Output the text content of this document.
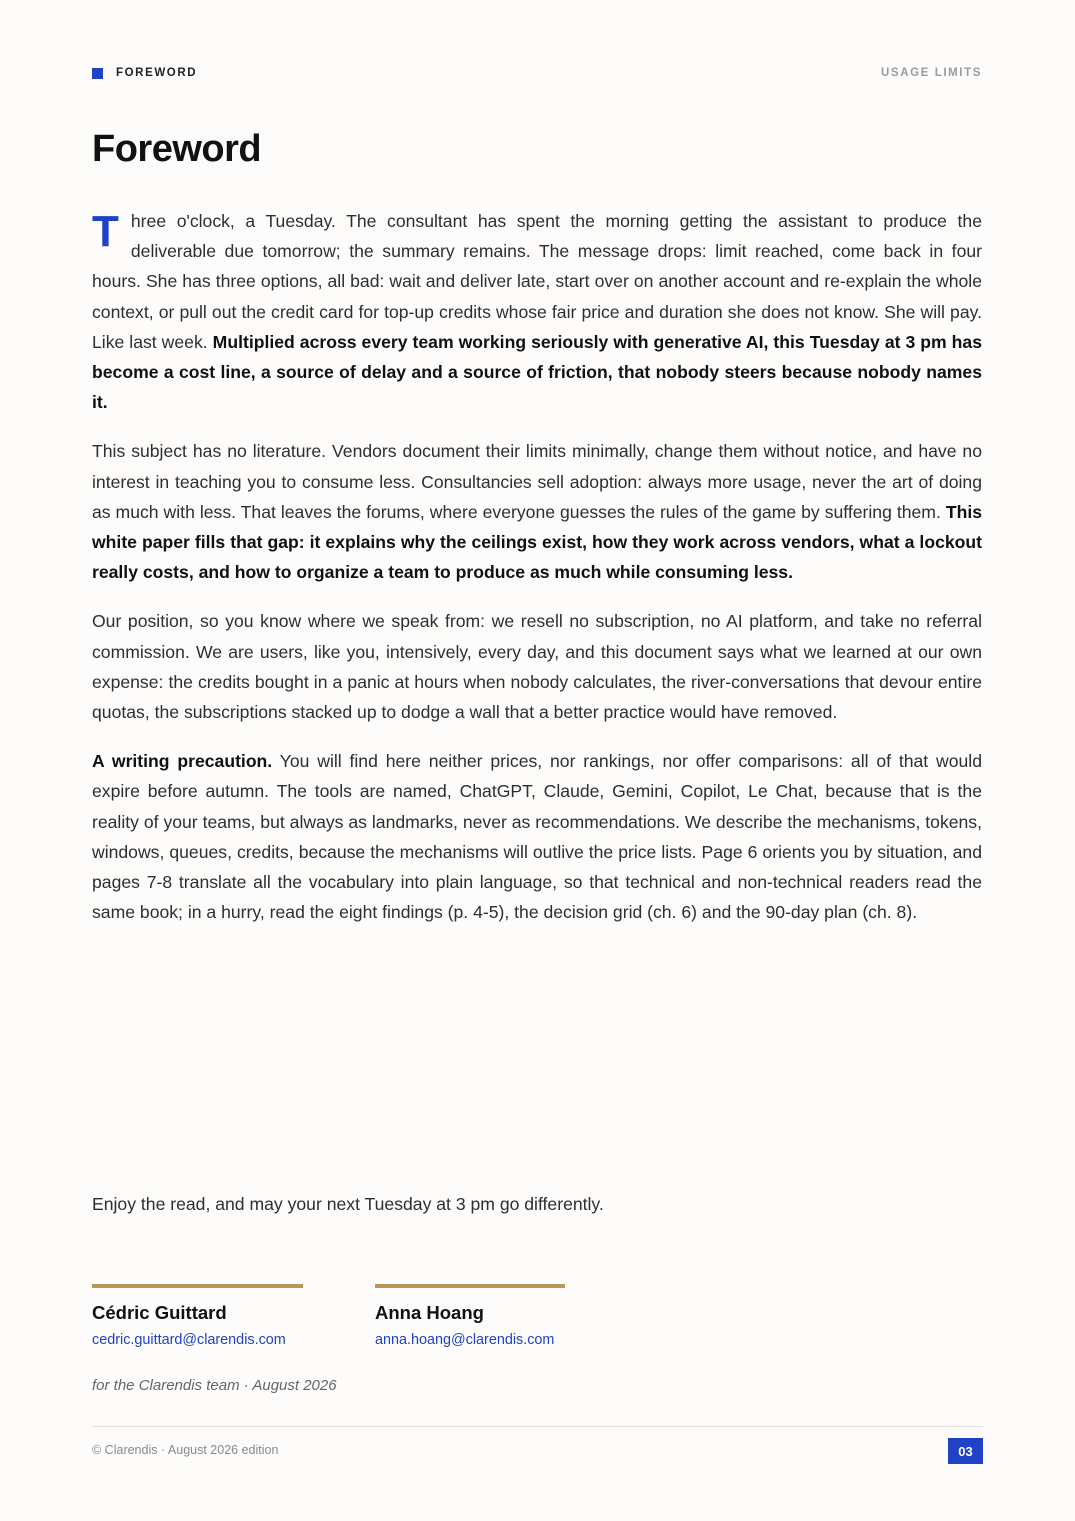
FOREWORD	USAGE LIMITS
Foreword

Three o'clock, a Tuesday. The consultant has spent the morning getting the assistant to produce the deliverable due tomorrow; the summary remains. The message drops: limit reached, come back in four hours. She has three options, all bad: wait and deliver late, start over on another account and re-explain the whole context, or pull out the credit card for top-up credits whose fair price and duration she does not know. She will pay. Like last week. Multiplied across every team working seriously with generative AI, this Tuesday at 3 pm has become a cost line, a source of delay and a source of friction, that nobody steers because nobody names it.

This subject has no literature. Vendors document their limits minimally, change them without notice, and have no interest in teaching you to consume less. Consultancies sell adoption: always more usage, never the art of doing as much with less. That leaves the forums, where everyone guesses the rules of the game by suffering them. This white paper fills that gap: it explains why the ceilings exist, how they work across vendors, what a lockout really costs, and how to organize a team to produce as much while consuming less.

Our position, so you know where we speak from: we resell no subscription, no AI platform, and take no referral commission. We are users, like you, intensively, every day, and this document says what we learned at our own expense: the credits bought in a panic at hours when nobody calculates, the river-conversations that devour entire quotas, the subscriptions stacked up to dodge a wall that a better practice would have removed.

A writing precaution. You will find here neither prices, nor rankings, nor offer comparisons: all of that would expire before autumn. The tools are named, ChatGPT, Claude, Gemini, Copilot, Le Chat, because that is the reality of your teams, but always as landmarks, never as recommendations. We describe the mechanisms, tokens, windows, queues, credits, because the mechanisms will outlive the price lists. Page 6 orients you by situation, and pages 7-8 translate all the vocabulary into plain language, so that technical and non-technical readers read the same book; in a hurry, read the eight findings (p. 4-5), the decision grid (ch. 6) and the 90-day plan (ch. 8).

Enjoy the read, and may your next Tuesday at 3 pm go differently.

Cédric Guittard
cedric.guittard@clarendis.com
Anna Hoang
anna.hoang@clarendis.com

for the Clarendis team · August 2026

© Clarendis · August 2026 edition	03
